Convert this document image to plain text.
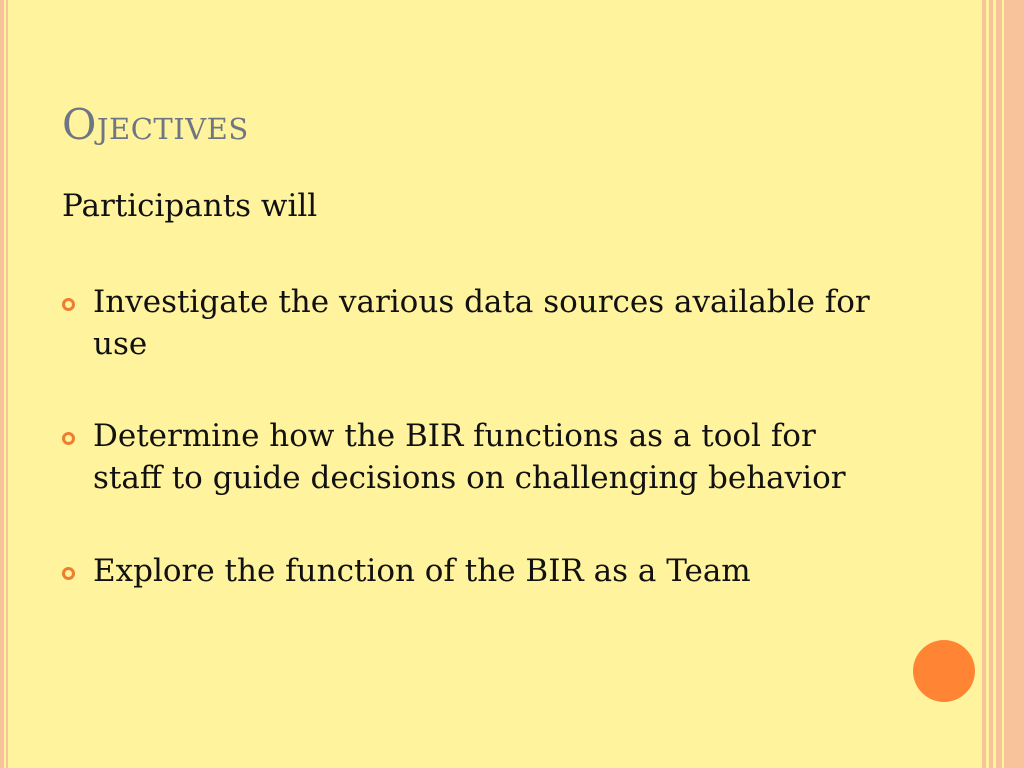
Ojectives
Participants will
Investigate the various data sources available for use
Determine how the BIR functions as a tool for staff to guide decisions on challenging behavior
Explore the function of the BIR as a Team
